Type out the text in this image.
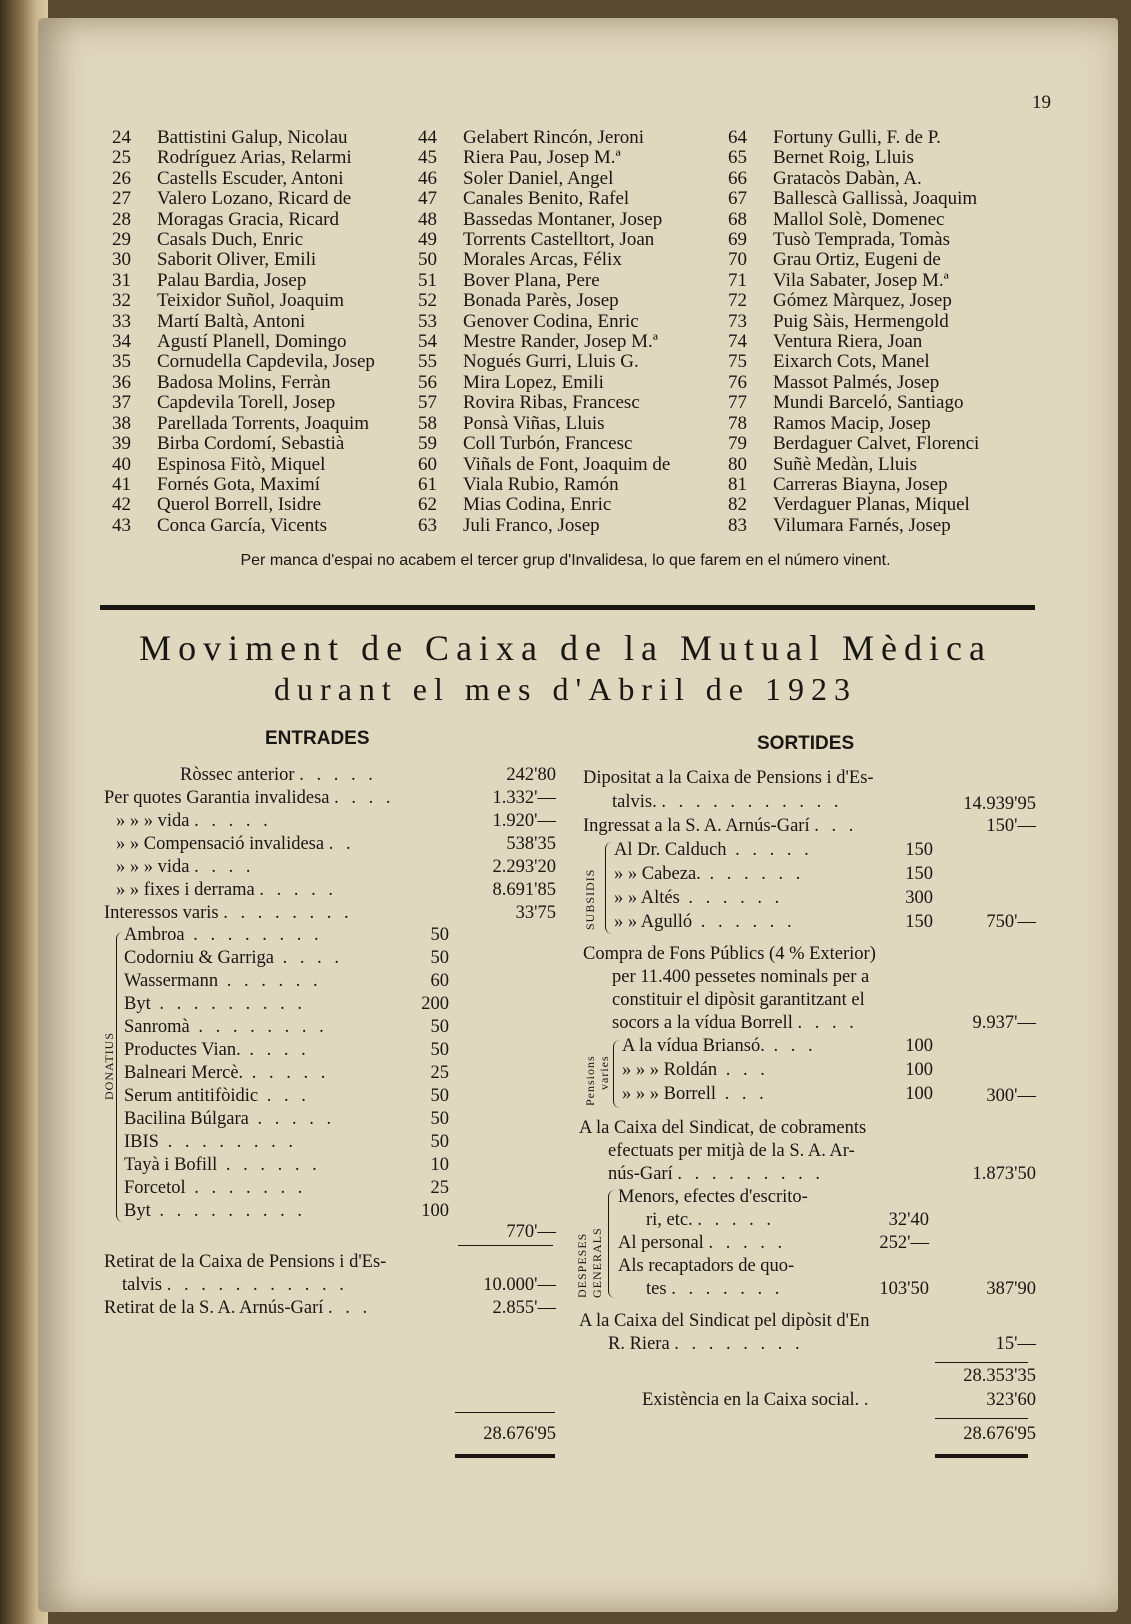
19
24	Battistini Galup, Nicolau
25	Rodríguez Arias, Relarmi
26	Castells Escuder, Antoni
27	Valero Lozano, Ricard de
28	Moragas Gracia, Ricard
29	Casals Duch, Enric
30	Saborit Oliver, Emili
31	Palau Bardia, Josep
32	Teixidor Suñol, Joaquim
33	Martí Baltà, Antoni
34	Agustí Planell, Domingo
35	Cornudella Capdevila, Josep
36	Badosa Molins, Ferràn
37	Capdevila Torell, Josep
38	Parellada Torrents, Joaquim
39	Birba Cordomí, Sebastià
40	Espinosa Fitò, Miquel
41	Fornés Gota, Maximí
42	Querol Borrell, Isidre
43	Conca García, Vicents
44	Gelabert Rincón, Jeroni
45	Riera Pau, Josep M.ª
46	Soler Daniel, Angel
47	Canales Benito, Rafel
48	Bassedas Montaner, Josep
49	Torrents Castelltort, Joan
50	Morales Arcas, Félix
51	Bover Plana, Pere
52	Bonada Parès, Josep
53	Genover Codina, Enric
54	Mestre Rander, Josep M.ª
55	Nogués Gurri, Lluis G.
56	Mira Lopez, Emili
57	Rovira Ribas, Francesc
58	Ponsà Viñas, Lluis
59	Coll Turbón, Francesc
60	Viñals de Font, Joaquim de
61	Viala Rubio, Ramón
62	Mias Codina, Enric
63	Juli Franco, Josep
64	Fortuny Gulli, F. de P.
65	Bernet Roig, Lluis
66	Gratacòs Dabàn, A.
67	Ballescà Gallissà, Joaquim
68	Mallol Solè, Domenec
69	Tusò Temprada, Tomàs
70	Grau Ortiz, Eugeni de
71	Vila Sabater, Josep M.ª
72	Gómez Màrquez, Josep
73	Puig Sàis, Hermengold
74	Ventura Riera, Joan
75	Eixarch Cots, Manel
76	Massot Palmés, Josep
77	Mundi Barceló, Santiago
78	Ramos Macip, Josep
79	Berdaguer Calvet, Florenci
80	Suñè Medàn, Lluis
81	Carreras Biayna, Josep
82	Verdaguer Planas, Miquel
83	Vilumara Farnés, Josep
Per manca d'espai no acabem el tercer grup d'Invalidesa, lo que farem en el número vinent.
Moviment de Caixa de la Mutual Mèdica
durant el mes d'Abril de 1923
ENTRADES
Ròssec anterior . . . . .	242'80
Per quotes Garantia invalidesa . . . .	1.332'—
» » » vida . . . . .	1.920'—
» » Compensació invalidesa . .	538'35
» » » vida . . . .	2.293'20
» » fixes i derrama . . . . .	8.691'85
Interessos varis . . . . . . . .	33'75
DONATIUS
Ambroa . . . . . . . .	50
Codorniu & Garriga . . . .	50
Wassermann . . . . . .	60
Byt . . . . . . . . .	200
Sanromà . . . . . . . .	50
Productes Vian. . . . .	50
Balneari Mercè. . . . . .	25
Serum antitifòidic . . .	50
Bacilina Búlgara . . . . .	50
IBIS . . . . . . . .	50
Tayà i Bofill . . . . . .	10
Forcetol . . . . . . .	25
Byt . . . . . . . . .	100
770'—
Retirat de la Caixa de Pensions i d'Es-
talvis . . . . . . . . . . .	10.000'—
Retirat de la S. A. Arnús-Garí . . .	2.855'—
28.676'95
SORTIDES
Dipositat a la Caixa de Pensions i d'Es-
talvis. . . . . . . . . . . .	14.939'95
Ingressat a la S. A. Arnús-Garí . . .	150'—
SUBSIDIS
Al Dr. Calduch . . . . .	150
» » Cabeza. . . . . . .	150
» » Altés . . . . . .	300
» » Agulló . . . . . .	150	750'—
Compra de Fons Públics (4 % Exterior)
per 11.400 pessetes nominals per a
constituir el dipòsit garantitzant el
socors a la vídua Borrell . . . .	9.937'—
Pensions varies
A la vídua Briansó. . . .	100
» » » Roldán . . .	100
» » » Borrell . . .	100	300'—
A la Caixa del Sindicat, de cobraments
efectuats per mitjà de la S. A. Ar-
nús-Garí . . . . . . . . .	1.873'50
DESPESES GENERALS
Menors, efectes d'escrito-
ri, etc. . . . . .	32'40
Al personal . . . . .	252'—
Als recaptadors de quo-
tes . . . . . . .	103'50	387'90
A la Caixa del Sindicat pel dipòsit d'En
R. Riera . . . . . . . .	15'—
28.353'35
Existència en la Caixa social. .	323'60
28.676'95
